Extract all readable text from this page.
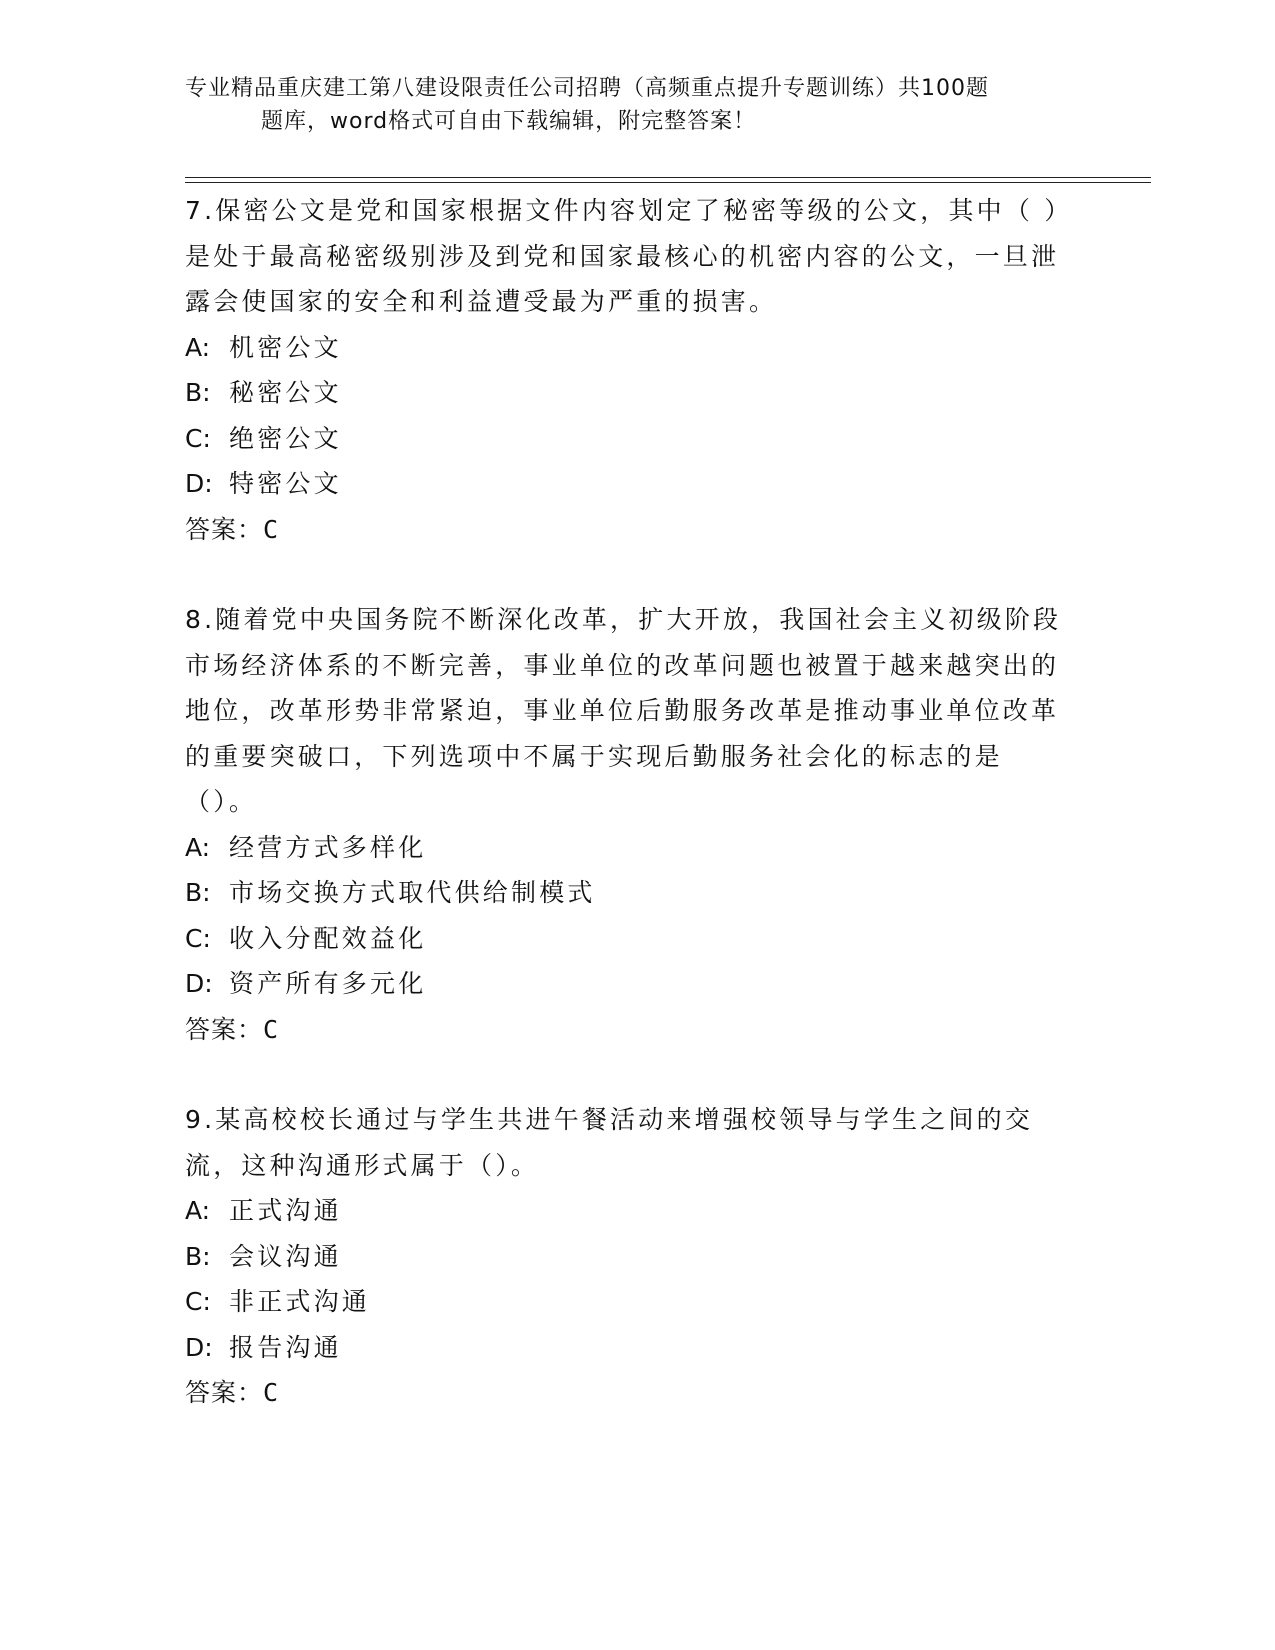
专业精品重庆建工第八建设限责任公司招聘（高频重点提升专题训练）共100题
题库，word格式可自由下载编辑，附完整答案！

7.保密公文是党和国家根据文件内容划定了秘密等级的公文，其中（ ）是处于最高秘密级别涉及到党和国家最核心的机密内容的公文，一旦泄露会使国家的安全和利益遭受最为严重的损害。

A: 机密公文

B: 秘密公文

C: 绝密公文

D: 特密公文

答案：C

8.随着党中央国务院不断深化改革，扩大开放，我国社会主义初级阶段市场经济体系的不断完善，事业单位的改革问题也被置于越来越突出的地位，改革形势非常紧迫，事业单位后勤服务改革是推动事业单位改革的重要突破口，下列选项中不属于实现后勤服务社会化的标志的是（）。

A: 经营方式多样化

B: 市场交换方式取代供给制模式

C: 收入分配效益化

D: 资产所有多元化

答案：C

9.某高校校长通过与学生共进午餐活动来增强校领导与学生之间的交流，这种沟通形式属于（）。

A: 正式沟通

B: 会议沟通

C: 非正式沟通

D: 报告沟通

答案：C
